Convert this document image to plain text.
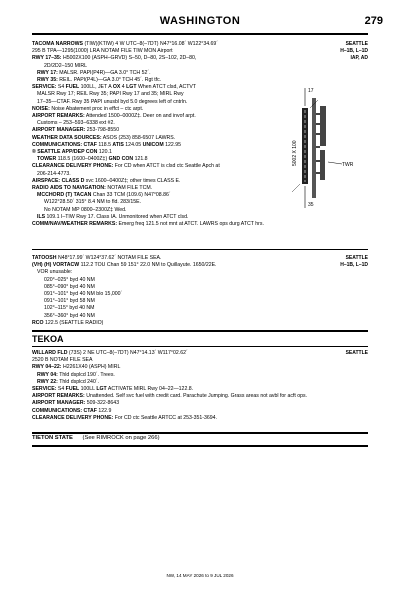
WASHINGTON	279
TACOMA NARROWS (TIW)(KTIW) 4 W UTC–8(–7DT) N47°16.08´ W122°34.69´
295 B TPA—1295(1000) LRA NOTAM FILE TIW MON Airport
RWY 17–35: H5002X100 (ASPH–GRVD) S–50, D–80, 2S–102, 2D–80,
2D/2D2–150 MIRL
RWY 17: MALSR. PAPI(P4R)—GA 3.0° TCH 52´.
RWY 35: REIL. PAPI(P4L)—GA 3.0° TCH 45´. Rgt tfc.
SERVICE: S4 FUEL 100LL, JET A OX 4 LGT When ATCT clsd, ACTVT
MALSR Rwy 17; REIL Rwy 35; PAPI Rwy 17 and 35; MIRL Rwy
17–35—CTAF. Rwy 35 PAPI unusbl byd 5.0 degrees left of cntrln.
NOISE: Noise Abatement proc in effct – ctc arpt.
AIRPORT REMARKS: Attended 1500–0000Z‡. Deer on and invof arpt.
Customs – 253–593–6338 ext #2.
AIRPORT MANAGER: 253-798-8550
WEATHER DATA SOURCES: ASOS (253) 858-6507 LAWRS.
COMMUNICATIONS: CTAF 118.5 ATIS 124.05 UNICOM 122.95
® SEATTLE APP/DEP CON 120.1
TOWER 118.5 (1600–0400Z‡) GND CON 121.8
CLEARANCE DELIVERY PHONE: For CD when ATCT is clsd ctc Seattle Apch at
206-214-4773.
AIRSPACE: CLASS D svc 1600–0400Z‡; other times CLASS E.
RADIO AIDS TO NAVIGATION: NOTAM FILE TCM.
MCCHORD (T) TACAN Chan 33 TCM (109.6) N47°08.86´
W122°28.50´ 315° 8.4 NM to fld. 283/15E.
No NOTAM MP 0800–2300Z‡ Wed.
ILS 109.1 I–TIW Rwy 17. Class IA. Unmonitored when ATCT clsd.
COMM/NAV/WEATHER REMARKS: Emerg freq 121.5 not mnt at ATCT. LAWRS ops durg ATCT hrs.
SEATTLE
H–1B, L–1D
IAP, AD
17
35
5002 X 100	TWR
TATOOSH N48°17.99´ W124°37.62´ NOTAM FILE SEA.
(VH) (H) VORTACW 112.2 TOU Chan 59 151° 22.0 NM to Quillayute. 1650/22E.
VOR unusable:
020°–025° byd 40 NM
085°–090° byd 40 NM
091°–101° byd 40 NM blo 15,000´
091°–101° byd 58 NM
102°–115° byd 40 NM
356°–360° byd 40 NM
RCO 122.5 (SEATTLE RADIO)
SEATTLE
H–1B, L–1D
TEKOA
WILLARD FLD (73S) 2 NE UTC–8(–7DT) N47°14.13´ W117°02.62´
2520 B NOTAM FILE SEA
RWY 04–22: H2261X40 (ASPH) MIRL
RWY 04: Thld dsplcd 190´. Trees.
RWY 22: Thld dsplcd 240´.
SERVICE: S4 FUEL 100LL LGT ACTIVATE MIRL Rwy 04–22—122.8.
AIRPORT REMARKS: Unattended. Self svc fuel with credit card. Parachute Jumping. Grass areas not avbl for acft ops.
AIRPORT MANAGER: 509-322-8643
COMMUNICATIONS: CTAF 122.9
CLEARANCE DELIVERY PHONE: For CD ctc Seattle ARTCC at 253-351-3694.
SEATTLE
TIETON STATE (See RIMROCK on page 266)
NW, 14 MAY 2026 to 9 JUL 2026
